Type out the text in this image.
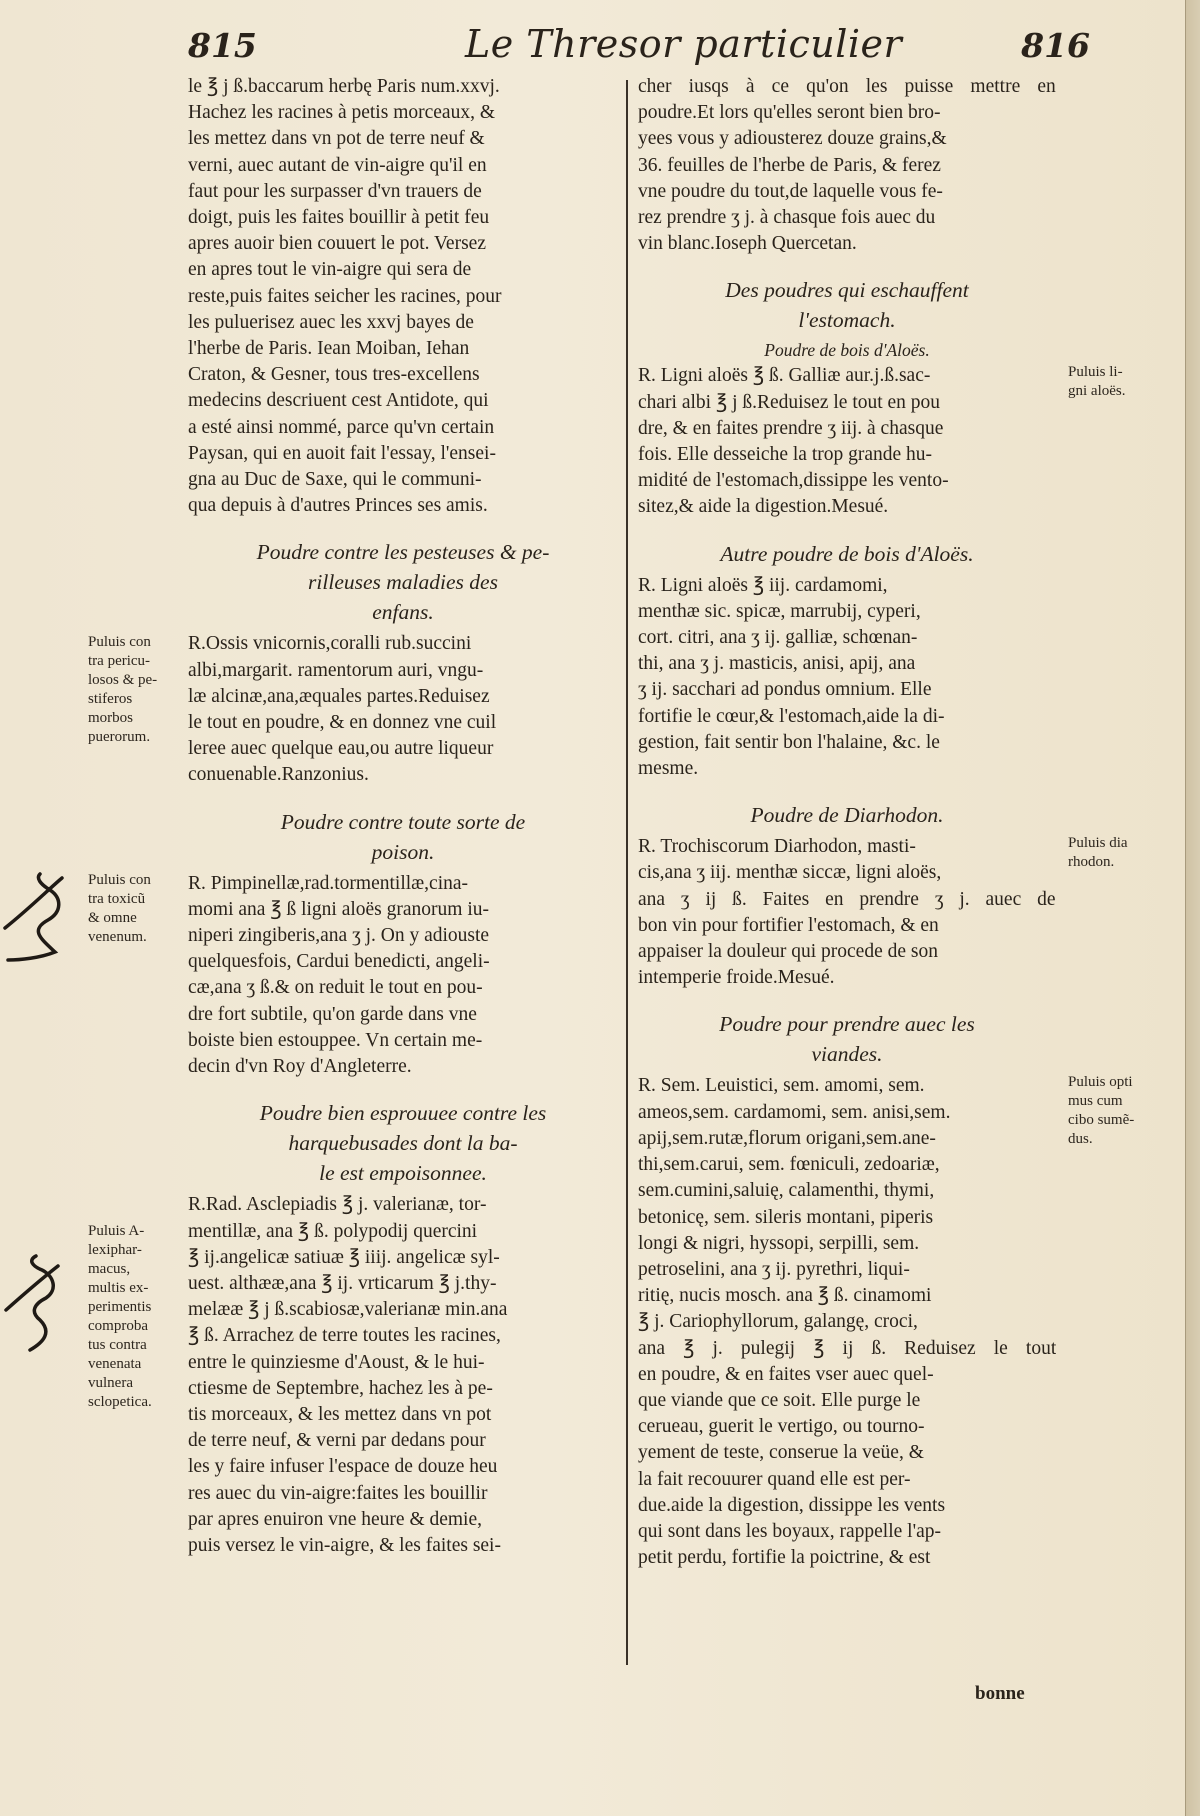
815	Le Thresor particulier	816
le ℥ j ß.baccarum herbę Paris num.xxvj.
Hachez les racines à petis morceaux, &
les mettez dans vn pot de terre neuf &
verni, auec autant de vin-aigre qu'il en
faut pour les surpasser d'vn trauers de
doigt, puis les faites bouillir à petit feu
apres auoir bien couuert le pot. Versez
en apres tout le vin-aigre qui sera de
reste,puis faites seicher les racines, pour
les puluerisez auec les xxvj bayes de
l'herbe de Paris. Iean Moiban, Iehan
Craton, & Gesner, tous tres-excellens
medecins descriuent cest Antidote, qui
a esté ainsi nommé, parce qu'vn certain
Paysan, qui en auoit fait l'essay, l'ensei-
gna au Duc de Saxe, qui le communi-
qua depuis à d'autres Princes ses amis.
Poudre contre les pesteuses & pe-
rilleuses maladies des
enfans.
Puluis con
tra pericu-
losos & pe-
stiferos
morbos
puerorum.
R.Ossis vnicornis,coralli rub.succini
albi,margarit. ramentorum auri, vngu-
læ alcinæ,ana,æquales partes.Reduisez
le tout en poudre, & en donnez vne cuil
leree auec quelque eau,ou autre liqueur
conuenable.Ranzonius.
Poudre contre toute sorte de
poison.
Puluis con
tra toxicũ
& omne
venenum.
R. Pimpinellæ,rad.tormentillæ,cina-
momi ana ℥ ß ligni aloës granorum iu-
niperi zingiberis,ana ʒ j. On y adiouste
quelquesfois, Cardui benedicti, angeli-
cæ,ana ʒ ß.& on reduit le tout en pou-
dre fort subtile, qu'on garde dans vne
boiste bien estouppee. Vn certain me-
decin d'vn Roy d'Angleterre.
Poudre bien esprouuee contre les
harquebusades dont la ba-
le est empoisonnee.
Puluis A-
lexiphar-
macus,
multis ex-
perimentis
comproba
tus contra
venenata
vulnera
sclopetica.
R.Rad. Asclepiadis ℥ j. valerianæ, tor-
mentillæ, ana ℥ ß. polypodij quercini
℥ ij.angelicæ satiuæ ℥ iiij. angelicæ syl-
uest. althææ,ana ℥ ij. vrticarum ℥ j.thy-
melææ ℥ j ß.scabiosæ,valerianæ min.ana
℥ ß. Arrachez de terre toutes les racines,
entre le quinziesme d'Aoust, & le hui-
ctiesme de Septembre, hachez les à pe-
tis morceaux, & les mettez dans vn pot
de terre neuf, & verni par dedans pour
les y faire infuser l'espace de douze heu
res auec du vin-aigre:faites les bouillir
par apres enuiron vne heure & demie,
puis versez le vin-aigre, & les faites sei-
cher iusqs à ce qu'on les puisse mettre en
poudre.Et lors qu'elles seront bien bro-
yees vous y adiousterez douze grains,&
36. feuilles de l'herbe de Paris, & ferez
vne poudre du tout,de laquelle vous fe-
rez prendre ʒ j. à chasque fois auec du
vin blanc.Ioseph Quercetan.
Des poudres qui eschauffent
l'estomach.
Poudre de bois d'Aloës.
Puluis li-
gni aloës.
R. Ligni aloës ℥ ß. Galliæ aur.j.ß.sac-
chari albi ℥ j ß.Reduisez le tout en pou
dre, & en faites prendre ʒ iij. à chasque
fois. Elle desseiche la trop grande hu-
midité de l'estomach,dissippe les vento-
sitez,& aide la digestion.Mesué.
Autre poudre de bois d'Aloës.
R. Ligni aloës ℥ iij. cardamomi,
menthæ sic. spicæ, marrubij, cyperi,
cort. citri, ana ʒ ij. galliæ, schœnan-
thi, ana ʒ j. masticis, anisi, apij, ana
ʒ ij. sacchari ad pondus omnium. Elle
fortifie le cœur,& l'estomach,aide la di-
gestion, fait sentir bon l'halaine, &c. le
mesme.
Poudre de Diarhodon.
Puluis dia
rhodon.
R. Trochiscorum Diarhodon, masti-
cis,ana ʒ iij. menthæ siccæ, ligni aloës,
ana ʒ ij ß. Faites en prendre ʒ j. auec de
bon vin pour fortifier l'estomach, & en
appaiser la douleur qui procede de son
intemperie froide.Mesué.
Poudre pour prendre auec les
viandes.
Puluis opti
mus cum
cibo sumẽ-
dus.
R. Sem. Leuistici, sem. amomi, sem.
ameos,sem. cardamomi, sem. anisi,sem.
apij,sem.rutæ,florum origani,sem.ane-
thi,sem.carui, sem. fœniculi, zedoariæ,
sem.cumini,saluię, calamenthi, thymi,
betonicę, sem. sileris montani, piperis
longi & nigri, hyssopi, serpilli, sem.
petroselini, ana ʒ ij. pyrethri, liqui-
ritię, nucis mosch. ana ℥ ß. cinamomi
℥ j. Cariophyllorum, galangę, croci,
ana ℥ j. pulegij ℥ ij ß. Reduisez le tout
en poudre, & en faites vser auec quel-
que viande que ce soit. Elle purge le
cerueau, guerit le vertigo, ou tourno-
yement de teste, conserue la veüe, &
la fait recouurer quand elle est per-
due.aide la digestion, dissippe les vents
qui sont dans les boyaux, rappelle l'ap-
petit perdu, fortifie la poictrine, & est
bonne
